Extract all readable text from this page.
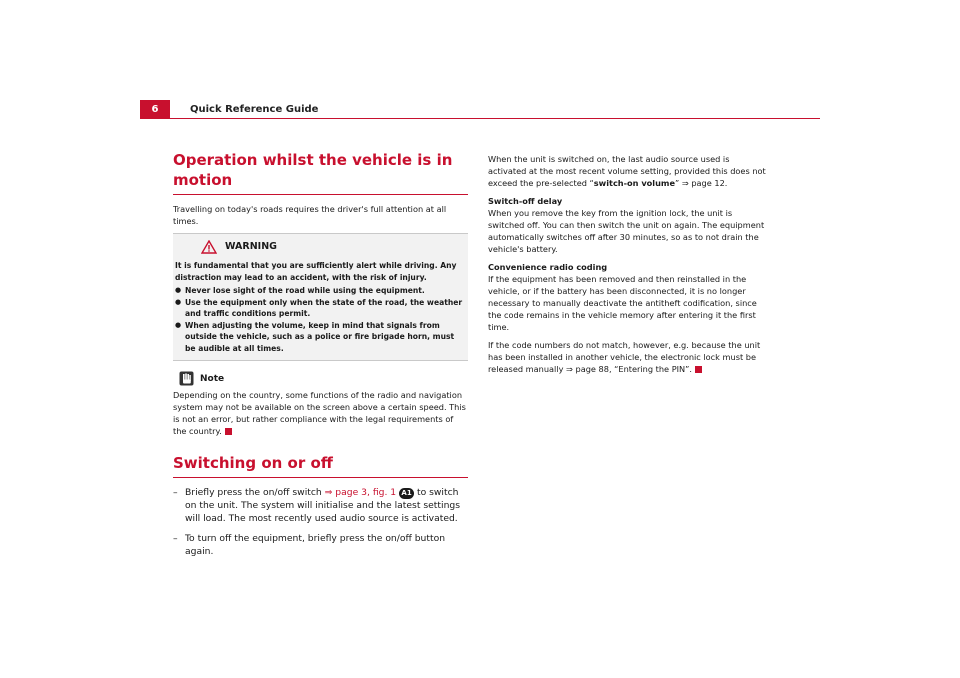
6	Quick Reference Guide
Operation whilst the vehicle is in motion

Travelling on today's roads requires the driver's full attention at all times.

WARNING

It is fundamental that you are sufficiently alert while driving. Any distraction may lead to an accident, with the risk of injury.

● Never lose sight of the road while using the equipment.

● Use the equipment only when the state of the road, the weather and traffic conditions permit.

● When adjusting the volume, keep in mind that signals from outside the vehicle, such as a police or fire brigade horn, must be audible at all times.

Note

Depending on the country, some functions of the radio and navigation system may not be available on the screen above a certain speed. This is not an error, but rather compliance with the legal requirements of the country.

Switching on or off

– Briefly press the on/off switch ⇒ page 3, fig. 1 A1 to switch on the unit. The system will initialise and the latest settings will load. The most recently used audio source is activated.

– To turn off the equipment, briefly press the on/off button again.

When the unit is switched on, the last audio source used is activated at the most recent volume setting, provided this does not exceed the pre-selected “switch-on volume” ⇒ page 12.

Switch-off delay

When you remove the key from the ignition lock, the unit is switched off. You can then switch the unit on again. The equipment automatically switches off after 30 minutes, so as to not drain the vehicle's battery.

Convenience radio coding

If the equipment has been removed and then reinstalled in the vehicle, or if the battery has been disconnected, it is no longer necessary to manually deactivate the antitheft codification, since the code remains in the vehicle memory after entering it the first time.

If the code numbers do not match, however, e.g. because the unit has been installed in another vehicle, the electronic lock must be released manually ⇒ page 88, “Entering the PIN”.
